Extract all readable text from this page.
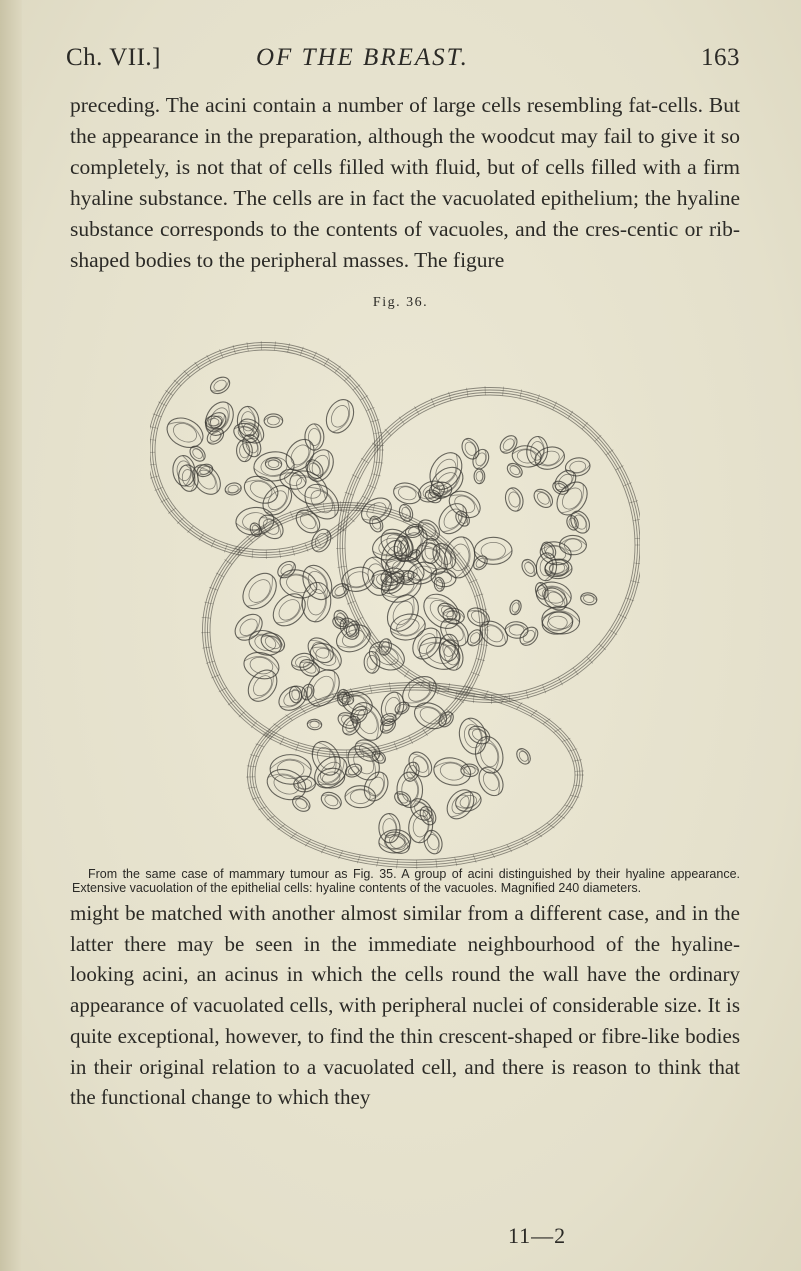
Ch. VII.]	OF THE BREAST.	163

preceding. The acini contain a number of large cells resembling fat-cells. But the appearance in the preparation, although the woodcut may fail to give it so completely, is not that of cells filled with fluid, but of cells filled with a firm hyaline substance. The cells are in fact the vacuolated epithelium; the hyaline substance corresponds to the contents of vacuoles, and the cres-centic or rib-shaped bodies to the peripheral masses. The figure

Fig. 36.

From the same case of mammary tumour as Fig. 35. A group of acini distinguished by their hyaline appearance. Extensive vacuolation of the epithelial cells: hyaline contents of the vacuoles. Magnified 240 diameters.

might be matched with another almost similar from a different case, and in the latter there may be seen in the immediate neighbourhood of the hyaline-looking acini, an acinus in which the cells round the wall have the ordinary appearance of vacuolated cells, with peripheral nuclei of considerable size. It is quite exceptional, however, to find the thin crescent-shaped or fibre-like bodies in their original relation to a vacuolated cell, and there is reason to think that the functional change to which they

11—2
